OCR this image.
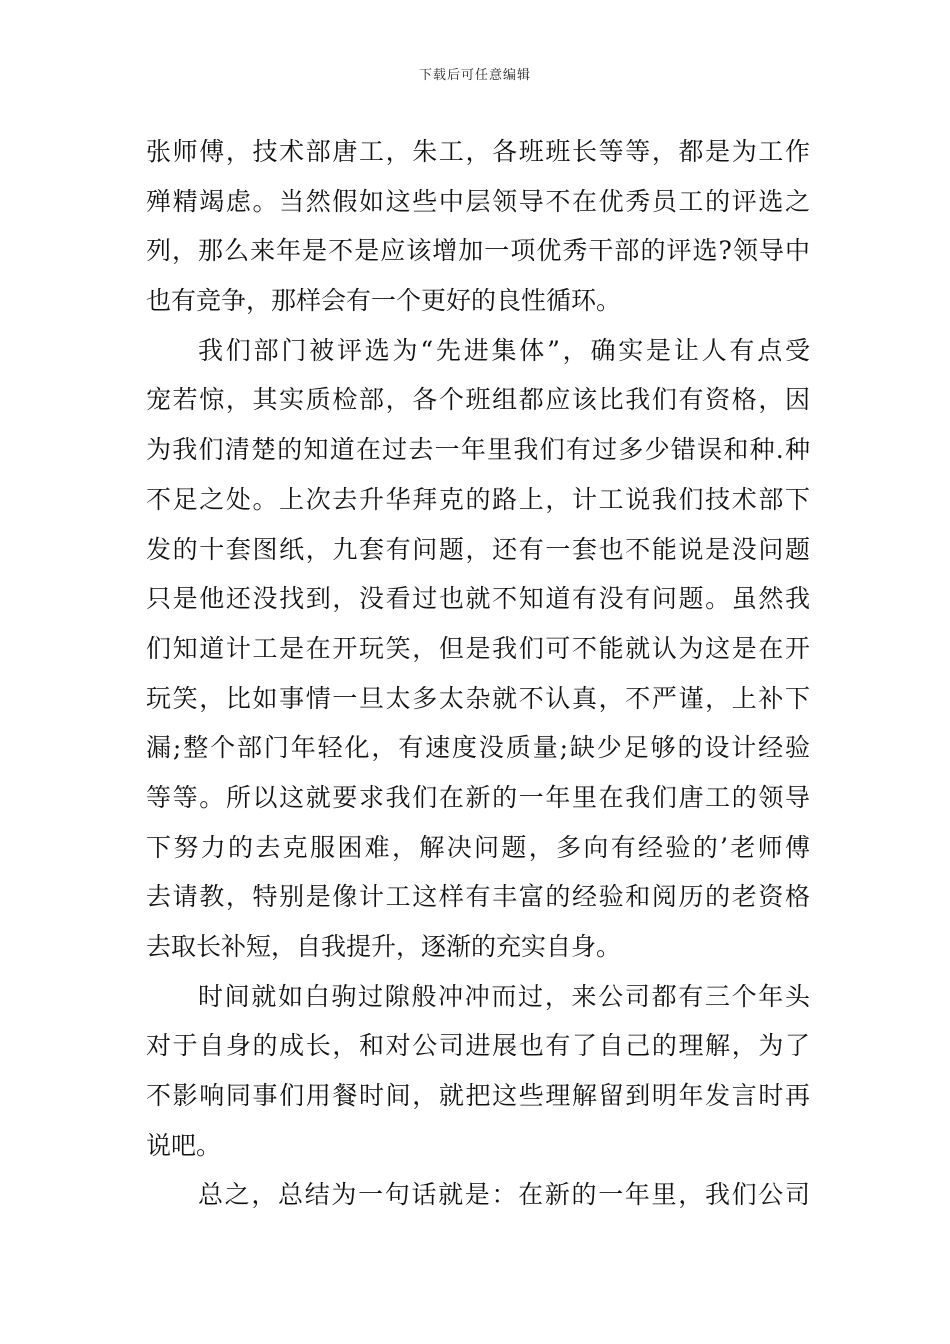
下载后可任意编辑
张师傅，技术部唐工，朱工，各班班长等等，都是为工作
殚精竭虑。当然假如这些中层领导不在优秀员工的评选之
列，那么来年是不是应该增加一项优秀干部的评选?领导中
也有竞争，那样会有一个更好的良性循环。
我们部门被评选为“先进集体”，确实是让人有点受
宠若惊，其实质检部，各个班组都应该比我们有资格，因
为我们清楚的知道在过去一年里我们有过多少错误和种.种
不足之处。上次去升华拜克的路上，计工说我们技术部下
发的十套图纸，九套有问题，还有一套也不能说是没问题
只是他还没找到，没看过也就不知道有没有问题。虽然我
们知道计工是在开玩笑，但是我们可不能就认为这是在开
玩笑，比如事情一旦太多太杂就不认真，不严谨，上补下
漏;整个部门年轻化，有速度没质量;缺少足够的设计经验
等等。所以这就要求我们在新的一年里在我们唐工的领导
下努力的去克服困难，解决问题，多向有经验的’老师傅
去请教，特别是像计工这样有丰富的经验和阅历的老资格
去取长补短，自我提升，逐渐的充实自身。
时间就如白驹过隙般冲冲而过，来公司都有三个年头
对于自身的成长，和对公司进展也有了自己的理解，为了
不影响同事们用餐时间，就把这些理解留到明年发言时再
说吧。
总之，总结为一句话就是：在新的一年里，我们公司
